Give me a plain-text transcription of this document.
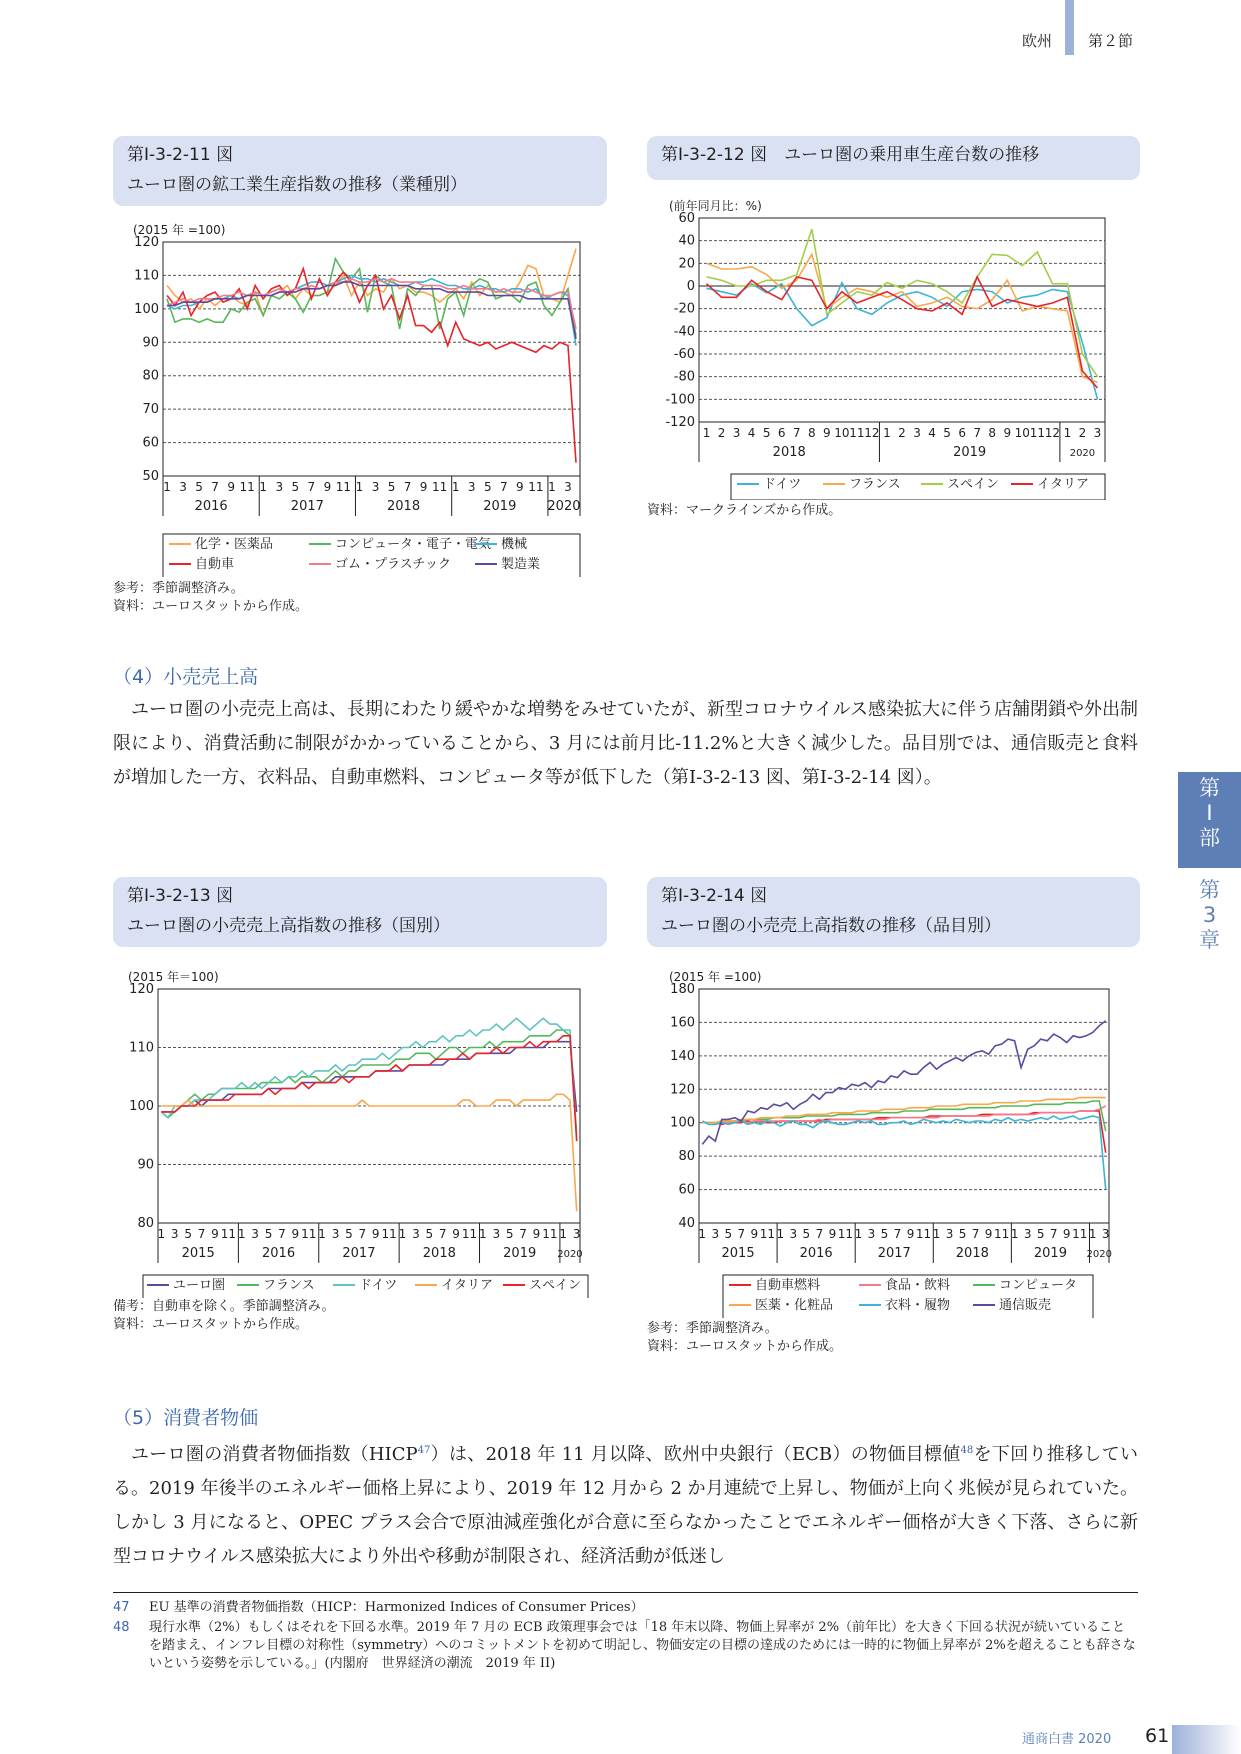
欧州 第２節
第
Ⅰ
部
第
3
章
第Ⅰ-3-2-11 図
ユーロ圏の鉱工業生産指数の推移（業種別）
(2015 年 =100)
50
60
70
80
90
100
110
120
2016
1 3 5 7 9 11
2017
1 3 5 7 9 11
2018
1 3 5 7 9 11
2019
1 3 5 7 9 11
2020
1 3
化学・医薬品	コンピュータ・電子・電気 機械
自動車	ゴム・プラスチック	製造業
参考：季節調整済み。
資料：ユーロスタットから作成。
第Ⅰ-3-2-12 図　ユーロ圏の乗用車生産台数の推移
(前年同月比：%)
-120
-100
-80
-60
-40
-20
0
20
40
60
2018
1 2 3 4 5 6 7 8 9 10 11 12
2019
1 2 3 4 5 6 7 8 9 10 11 12
2020
1 2 3
ドイツ	フランス	スペイン	イタリア
資料：マークラインズから作成。
（4）小売売上高

ユーロ圏の小売売上高は、長期にわたり緩やかな増勢をみせていたが、新型コロナウイルス感染拡大に伴う店舗閉鎖や外出制限により、消費活動に制限がかかっていることから、3 月には前月比-11.2%と大きく減少した。品目別では、通信販売と食料が増加した一方、衣料品、自動車燃料、コンピュータ等が低下した（第Ⅰ-3-2-13 図、第Ⅰ-3-2-14 図）。

第Ⅰ-3-2-13 図
ユーロ圏の小売売上高指数の推移（国別）
(2015 年＝100)
80
90
100
110
120
2015
1 3 5 7 9 11
2016
1 3 5 7 9 11
2017
1 3 5 7 9 11
2018
1 3 5 7 9 11
2019
1 3 5 7 9 11
2020
1 3
ユーロ圏	フランス	ドイツ	イタリア	スペイン
備考：自動車を除く。季節調整済み。
資料：ユーロスタットから作成。
第Ⅰ-3-2-14 図
ユーロ圏の小売売上高指数の推移（品目別）
(2015 年 =100)
40
60
80
100
120
140
160
180
2015
1 3 5 7 9 11
2016
1 3 5 7 9 11
2017
1 3 5 7 9 11
2018
1 3 5 7 9 11
2019
1 3 5 7 9 11
2020
1 3
自動車燃料	食品・飲料	コンピュータ
医薬・化粧品	衣料・履物	通信販売
参考：季節調整済み。
資料：ユーロスタットから作成。
（5）消費者物価

ユーロ圏の消費者物価指数（HICP$^{47}$）は、2018 年 11 月以降、欧州中央銀行（ECB）の物価目標値$^{48}$を下回り推移している。2019 年後半のエネルギー価格上昇により、2019 年 12 月から 2 か月連続で上昇し、物価が上向く兆候が見られていた。しかし 3 月になると、OPEC プラス会合で原油減産強化が合意に至らなかったことでエネルギー価格が大きく下落、さらに新型コロナウイルス感染拡大により外出や移動が制限され、経済活動が低迷し

47 EU 基準の消費者物価指数（HICP：Harmonized Indices of Consumer Prices）
48 現行水準（2%）もしくはそれを下回る水準。2019 年 7 月の ECB 政策理事会では「18 年末以降、物価上昇率が 2%（前年比）を大きく下回る状況が続いていることを踏まえ、インフレ目標の対称性（symmetry）へのコミットメントを初めて明記し、物価安定の目標の達成のためには一時的に物価上昇率が 2%を超えることも辞さないという姿勢を示している。」(内閣府　世界経済の潮流　2019 年 II)
通商白書 2020 61
